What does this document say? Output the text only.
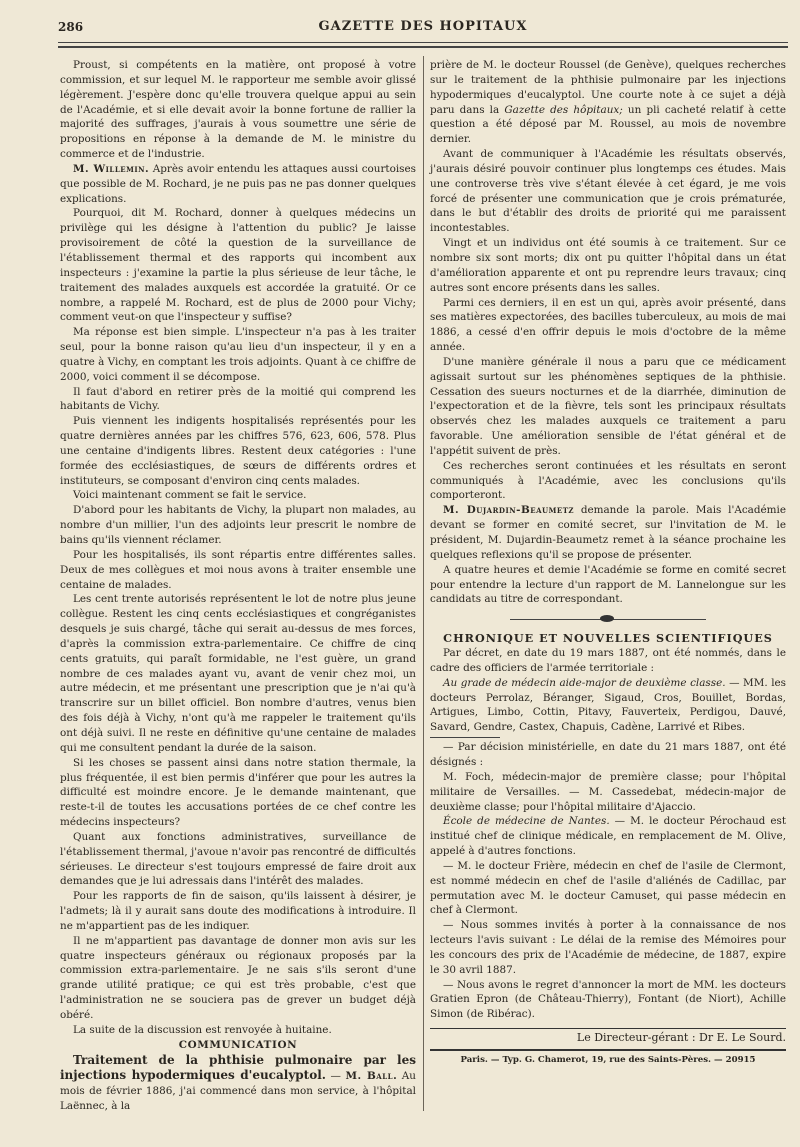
286	GAZETTE DES HOPITAUX

Proust, si compétents en la matière, ont proposé à votre commission, et sur lequel M. le rapporteur me semble avoir glissé légèrement. J'espère donc qu'elle trouvera quelque appui au sein de l'Académie, et si elle devait avoir la bonne fortune de rallier la majorité des suffrages, j'aurais à vous soumettre une série de propositions en réponse à la demande de M. le ministre du commerce et de l'industrie.

M. Willemin. Après avoir entendu les attaques aussi courtoises que possible de M. Rochard, je ne puis pas ne pas donner quelques explications.

Pourquoi, dit M. Rochard, donner à quelques médecins un privilège qui les désigne à l'attention du public? Je laisse provisoirement de côté la question de la surveillance de l'établissement thermal et des rapports qui incombent aux inspecteurs : j'examine la partie la plus sérieuse de leur tâche, le traitement des malades auxquels est accordée la gratuité. Or ce nombre, a rappelé M. Rochard, est de plus de 2000 pour Vichy; comment veut-on que l'inspecteur y suffise?

Ma réponse est bien simple. L'inspecteur n'a pas à les traiter seul, pour la bonne raison qu'au lieu d'un inspecteur, il y en a quatre à Vichy, en comptant les trois adjoints. Quant à ce chiffre de 2000, voici comment il se décompose.

Il faut d'abord en retirer près de la moitié qui comprend les habitants de Vichy.

Puis viennent les indigents hospitalisés représentés pour les quatre dernières années par les chiffres 576, 623, 606, 578. Plus une centaine d'indigents libres. Restent deux catégories : l'une formée des ecclésiastiques, de sœurs de différents ordres et instituteurs, se composant d'environ cinq cents malades.

Voici maintenant comment se fait le service.

D'abord pour les habitants de Vichy, la plupart non malades, au nombre d'un millier, l'un des adjoints leur prescrit le nombre de bains qu'ils viennent réclamer.

Pour les hospitalisés, ils sont répartis entre différentes salles. Deux de mes collègues et moi nous avons à traiter ensemble une centaine de malades.

Les cent trente autorisés représentent le lot de notre plus jeune collègue. Restent les cinq cents ecclésiastiques et congréganistes desquels je suis chargé, tâche qui serait au-dessus de mes forces, d'après la commission extra-parlementaire. Ce chiffre de cinq cents gratuits, qui paraît formidable, ne l'est guère, un grand nombre de ces malades ayant vu, avant de venir chez moi, un autre médecin, et me présentant une prescription que je n'ai qu'à transcrire sur un billet officiel. Bon nombre d'autres, venus bien des fois déjà à Vichy, n'ont qu'à me rappeler le traitement qu'ils ont déjà suivi. Il ne reste en définitive qu'une centaine de malades qui me consultent pendant la durée de la saison.

Si les choses se passent ainsi dans notre station thermale, la plus fréquentée, il est bien permis d'inférer que pour les autres la difficulté est moindre encore. Je le demande maintenant, que reste-t-il de toutes les accusations portées de ce chef contre les médecins inspecteurs?

Quant aux fonctions administratives, surveillance de l'établissement thermal, j'avoue n'avoir pas rencontré de difficultés sérieuses. Le directeur s'est toujours empressé de faire droit aux demandes que je lui adressais dans l'intérêt des malades.

Pour les rapports de fin de saison, qu'ils laissent à désirer, je l'admets; là il y aurait sans doute des modifications à introduire. Il ne m'appartient pas de les indiquer.

Il ne m'appartient pas davantage de donner mon avis sur les quatre inspecteurs généraux ou régionaux proposés par la commission extra-parlementaire. Je ne sais s'ils seront d'une grande utilité pratique; ce qui est très probable, c'est que l'administration ne se souciera pas de grever un budget déjà obéré.

La suite de la discussion est renvoyée à huitaine.

COMMUNICATION

Traitement de la phthisie pulmonaire par les injections hypodermiques d'eucalyptol. — M. Ball. Au mois de février 1886, j'ai commencé dans mon service, à l'hôpital Laënnec, à la

prière de M. le docteur Roussel (de Genève), quelques recherches sur le traitement de la phthisie pulmonaire par les injections hypodermiques d'eucalyptol. Une courte note à ce sujet a déjà paru dans la Gazette des hôpitaux; un pli cacheté relatif à cette question a été déposé par M. Roussel, au mois de novembre dernier.

Avant de communiquer à l'Académie les résultats observés, j'aurais désiré pouvoir continuer plus longtemps ces études. Mais une controverse très vive s'étant élevée à cet égard, je me vois forcé de présenter une communication que je crois prématurée, dans le but d'établir des droits de priorité qui me paraissent incontestables.

Vingt et un individus ont été soumis à ce traitement. Sur ce nombre six sont morts; dix ont pu quitter l'hôpital dans un état d'amélioration apparente et ont pu reprendre leurs travaux; cinq autres sont encore présents dans les salles.

Parmi ces derniers, il en est un qui, après avoir présenté, dans ses matières expectorées, des bacilles tuberculeux, au mois de mai 1886, a cessé d'en offrir depuis le mois d'octobre de la même année.

D'une manière générale il nous a paru que ce médicament agissait surtout sur les phénomènes septiques de la phthisie. Cessation des sueurs nocturnes et de la diarrhée, diminution de l'expectoration et de la fièvre, tels sont les principaux résultats observés chez les malades auxquels ce traitement a paru favorable. Une amélioration sensible de l'état général et de l'appétit suivent de près.

Ces recherches seront continuées et les résultats en seront communiqués à l'Académie, avec les conclusions qu'ils comporteront.

M. Dujardin-Beaumetz demande la parole. Mais l'Académie devant se former en comité secret, sur l'invitation de M. le président, M. Dujardin-Beaumetz remet à la séance prochaine les quelques reflexions qu'il se propose de présenter.

A quatre heures et demie l'Académie se forme en comité secret pour entendre la lecture d'un rapport de M. Lannelongue sur les candidats au titre de correspondant.

CHRONIQUE ET NOUVELLES SCIENTIFIQUES

Par décret, en date du 19 mars 1887, ont été nommés, dans le cadre des officiers de l'armée territoriale :

Au grade de médecin aide-major de deuxième classe. — MM. les docteurs Perrolaz, Béranger, Sigaud, Cros, Bouillet, Bordas, Artigues, Limbo, Cottin, Pitavy, Fauverteix, Perdigou, Dauvé, Savard, Gendre, Castex, Chapuis, Cadène, Larrivé et Ribes.

— Par décision ministérielle, en date du 21 mars 1887, ont été désignés :

M. Foch, médecin-major de première classe; pour l'hôpital militaire de Versailles. — M. Cassedebat, médecin-major de deuxième classe; pour l'hôpital militaire d'Ajaccio.

École de médecine de Nantes. — M. le docteur Pérochaud est institué chef de clinique médicale, en remplacement de M. Olive, appelé à d'autres fonctions.

— M. le docteur Frière, médecin en chef de l'asile de Clermont, est nommé médecin en chef de l'asile d'aliénés de Cadillac, par permutation avec M. le docteur Camuset, qui passe médecin en chef à Clermont.

— Nous sommes invités à porter à la connaissance de nos lecteurs l'avis suivant : Le délai de la remise des Mémoires pour les concours des prix de l'Académie de médecine, de 1887, expire le 30 avril 1887.

— Nous avons le regret d'annoncer la mort de MM. les docteurs Gratien Epron (de Château-Thierry), Fontant (de Niort), Achille Simon (de Ribérac).

Le Directeur-gérant : Dr E. Le Sourd.

Paris. — Typ. G. Chamerot, 19, rue des Saints-Pères. — 20915
